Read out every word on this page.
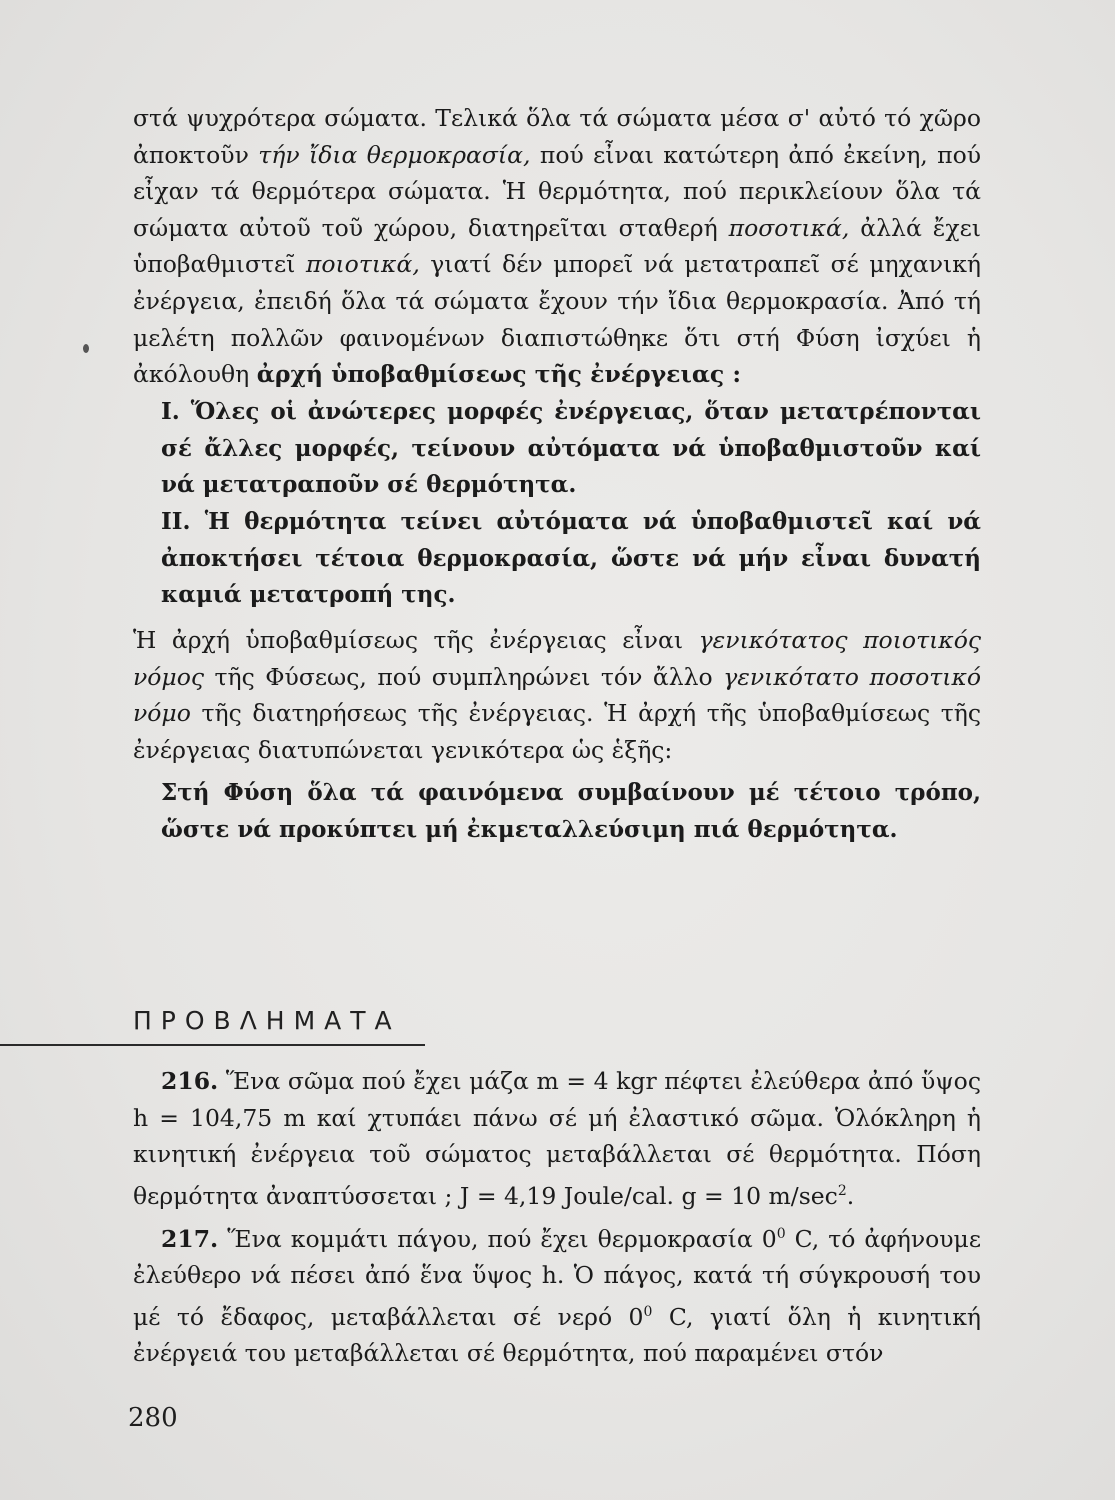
στά ψυχρότερα σώματα. Τελικά ὅλα τά σώματα μέσα σ' αὐτό τό χῶρο ἀποκτοῦν τήν ἴδια θερμοκρασία, πού εἶναι κατώτερη ἀπό ἐκείνη, πού εἶχαν τά θερμότερα σώματα. Ἡ θερμότητα, πού περικλείουν ὅλα τά σώματα αὐτοῦ τοῦ χώρου, διατηρεῖται σταθερή ποσοτικά, ἀλλά ἔχει ὑποβαθμιστεῖ ποιοτικά, γιατί δέν μπορεῖ νά μετατραπεῖ σέ μηχανική ἐνέργεια, ἐπειδή ὅλα τά σώματα ἔχουν τήν ἴδια θερμοκρασία. Ἀπό τή μελέτη πολλῶν φαινομένων διαπιστώθηκε ὅτι στή Φύση ἰσχύει ἡ ἀκόλουθη ἀρχή ὑποβαθμίσεως τῆς ἐνέργειας :

I. Ὅλες οἱ ἀνώτερες μορφές ἐνέργειας, ὅταν μετατρέπονται σέ ἄλλες μορφές, τείνουν αὐτόματα νά ὑποβαθμιστοῦν καί νά μετατραποῦν σέ θερμότητα.

II. Ἡ θερμότητα τείνει αὐτόματα νά ὑποβαθμιστεῖ καί νά ἀποκτήσει τέτοια θερμοκρασία, ὥστε νά μήν εἶναι δυνατή καμιά μετατροπή της.

Ἡ ἀρχή ὑποβαθμίσεως τῆς ἐνέργειας εἶναι γενικότατος ποιοτικός νόμος τῆς Φύσεως, πού συμπληρώνει τόν ἄλλο γενικότατο ποσοτικό νόμο τῆς διατηρήσεως τῆς ἐνέργειας. Ἡ ἀρχή τῆς ὑποβαθμίσεως τῆς ἐνέργειας διατυπώνεται γενικότερα ὡς ἑξῆς:

Στή Φύση ὅλα τά φαινόμενα συμβαίνουν μέ τέτοιο τρόπο, ὥστε νά προκύπτει μή ἐκμεταλλεύσιμη πιά θερμότητα.

ΠΡΟΒΛΗΜΑΤΑ

216. Ἕνα σῶμα πού ἔχει μάζα m = 4 kgr πέφτει ἐλεύθερα ἀπό ὕψος h = 104,75 m καί χτυπάει πάνω σέ μή ἐλαστικό σῶμα. Ὁλόκληρη ἡ κινητική ἐνέργεια τοῦ σώματος μεταβάλλεται σέ θερμότητα. Πόση θερμότητα ἀναπτύσσεται ; J = 4,19 Joule/cal. g = 10 $m/\sec^2$.

217. Ἕνα κομμάτι πάγου, πού ἔχει θερμοκρασία $0^0$ C, τό ἀφήνουμε ἐλεύθερο νά πέσει ἀπό ἕνα ὕψος h. Ὁ πάγος, κατά τή σύγκρουσή του μέ τό ἔδαφος, μεταβάλλεται σέ νερό $0^0$ C, γιατί ὅλη ἡ κινητική ἐνέργειά του μεταβάλλεται σέ θερμότητα, πού παραμένει στόν

280
